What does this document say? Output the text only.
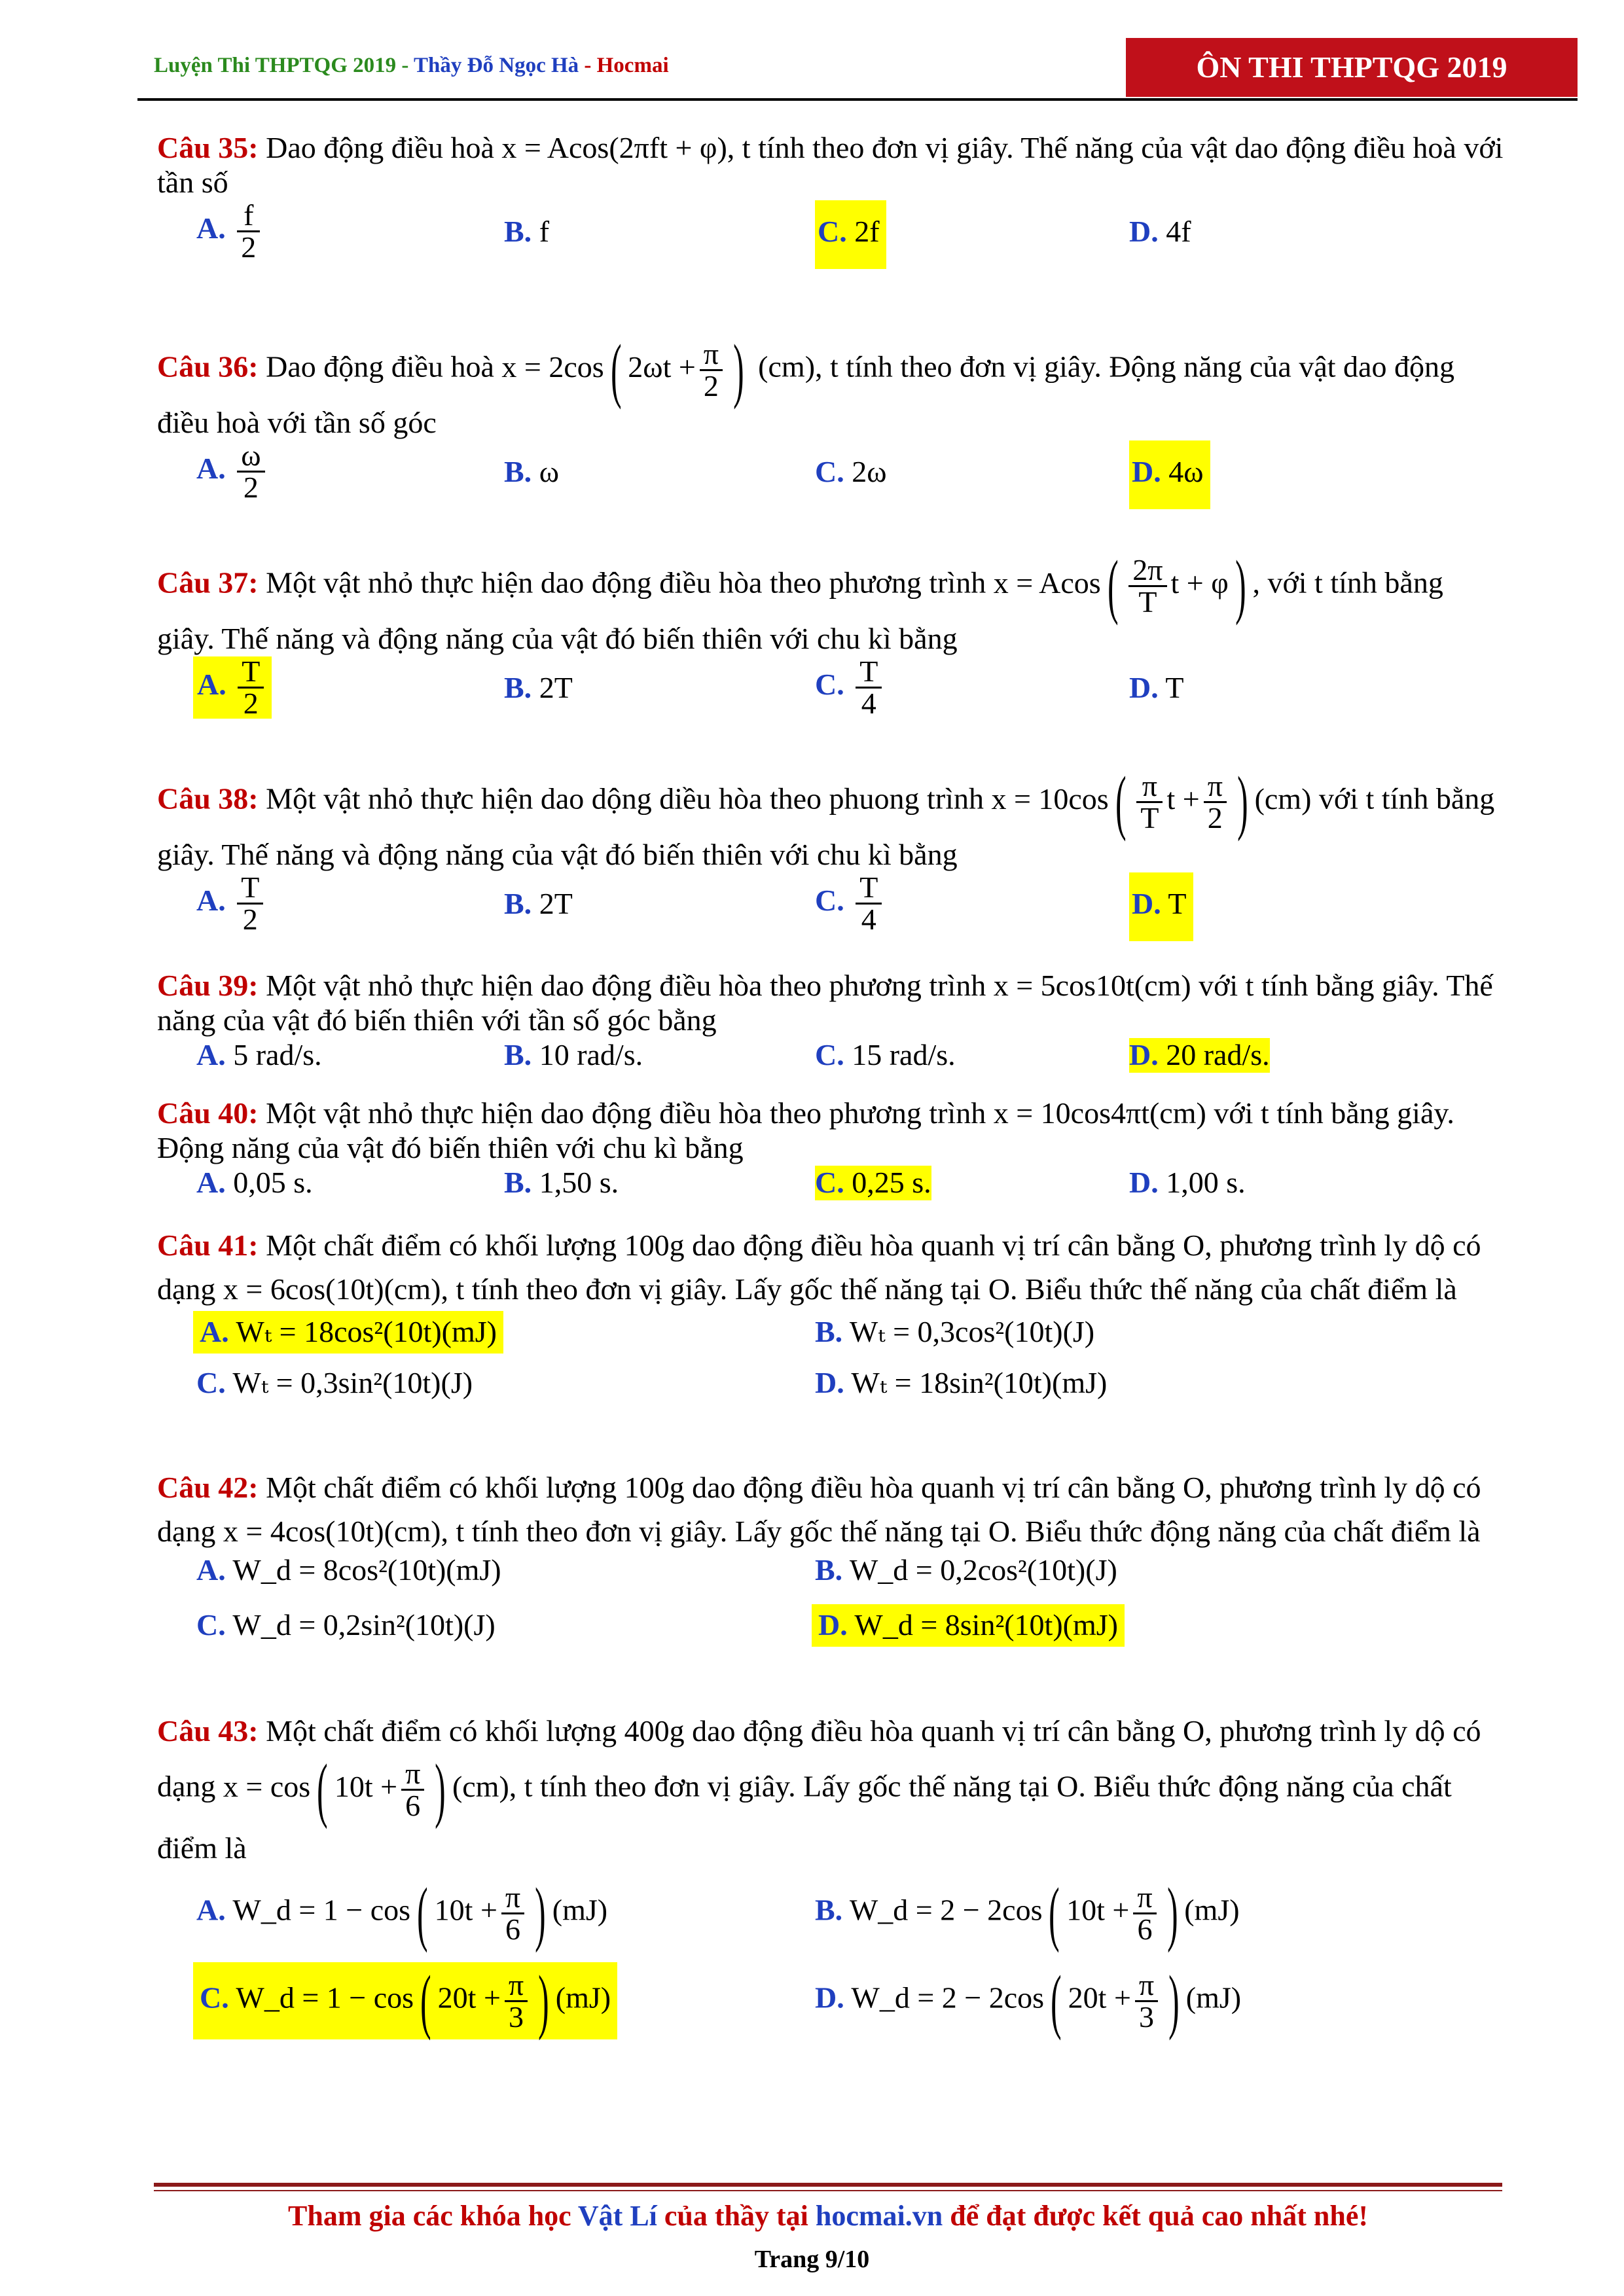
Luyện Thi THPTQG 2019 - Thầy Đỗ Ngọc Hà - Hocmai	ÔN THI THPTQG 2019

Câu 35: Dao động điều hoà x = Acos(2πft + φ), t tính theo đơn vị giây. Thế năng của vật dao động điều hoà với tần số

A. $\frac{f}{2}$	B. f	C. 2f	D. 4f

Câu 36: Dao động điều hoà x = 2cos( $2\omega t + \frac{\pi}{2}$ ) (cm), t tính theo đơn vị giây. Động năng của vật dao động điều hoà với tần số góc

A. $\frac{\omega}{2}$	B. ω	C. 2ω	D. 4ω

Câu 37: Một vật nhỏ thực hiện dao động điều hòa theo phương trình $x = Acos( \frac{2\pi}{T}$ t + φ) , với t tính bằng giây. Thế năng và động năng của vật đó biến thiên với chu kì bằng

A. $\frac{T}{2}$	B. 2T	C. $\frac{T}{4}$	D. T

Câu 38: Một vật nhỏ thực hiện dao dộng diều hòa theo phuong trình $x = 10\cos( \frac{\pi}{T}$ $t + \frac{\pi}{2}$ ) (cm) với t tính bằng giây. Thế năng và động năng của vật đó biến thiên với chu kì bằng

A. $\frac{T}{2}$	B. 2T	C. $\frac{T}{4}$	D. T

Câu 39: Một vật nhỏ thực hiện dao động điều hòa theo phương trình x = 5cos10t(cm) với t tính bằng giây. Thế năng của vật đó biến thiên với tần số góc bằng

A. 5 rad/s.	B. 10 rad/s.	C. 15 rad/s.	D. 20 rad/s.

Câu 40: Một vật nhỏ thực hiện dao động điều hòa theo phương trình x = 10cos4πt(cm) với t tính bằng giây. Động năng của vật đó biến thiên với chu kì bằng

A. 0,05 s.	B. 1,50 s.	C. 0,25 s.	D. 1,00 s.

Câu 41: Một chất điểm có khối lượng 100g dao động điều hòa quanh vị trí cân bằng O, phương trình ly dộ có dạng x = 6cos(10t)(cm), t tính theo đơn vị giây. Lấy gốc thế năng tại O. Biểu thức thế năng của chất điểm là

A. Wₜ = 18cos²(10t)(mJ)	B. Wₜ = 0,3cos²(10t)(J)
C. Wₜ = 0,3sin²(10t)(J)	D. Wₜ = 18sin²(10t)(mJ)

Câu 42: Một chất điểm có khối lượng 100g dao động điều hòa quanh vị trí cân bằng O, phương trình ly dộ có dạng x = 4cos(10t)(cm), t tính theo đơn vị giây. Lấy gốc thế năng tại O. Biểu thức động năng của chất điểm là

A. W_d = 8cos²(10t)(mJ)	B. W_d = 0,2cos²(10t)(J)
C. W_d = 0,2sin²(10t)(J)	D. W_d = 8sin²(10t)(mJ)

Câu 43: Một chất điểm có khối lượng 400g dao động điều hòa quanh vị trí cân bằng O, phương trình ly dộ có dạng x = cos( $10t + \frac{\pi}{6}$ ) (cm), t tính theo đơn vị giây. Lấy gốc thế năng tại O. Biểu thức động năng của chất điểm là

A. W_d = 1 − cos( $10t + \frac{\pi}{6}$ ) (mJ)	B. W_d = 2 − 2cos( $10t + \frac{\pi}{6}$ ) (mJ)
C. W_d = 1 − cos( $20t + \frac{\pi}{3}$ ) (mJ)	D. W_d = 2 − 2cos( $20t + \frac{\pi}{3}$ ) (mJ)
Tham gia các khóa học Vật Lí của thầy tại hocmai.vn để đạt được kết quả cao nhất nhé!
Trang 9/10
